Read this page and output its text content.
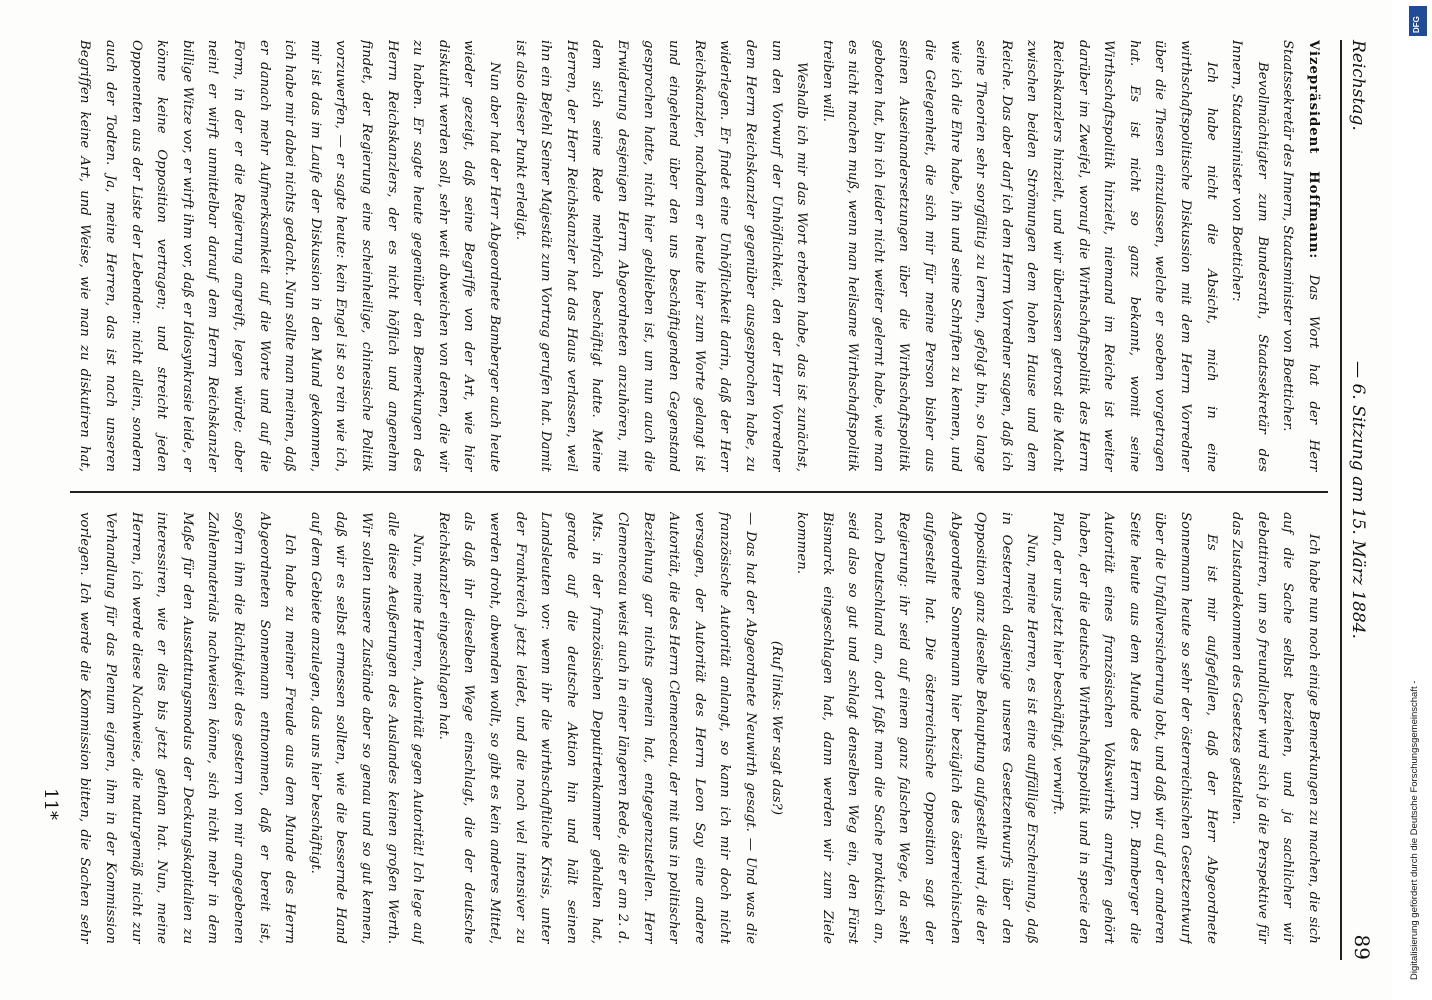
Reichstag.
— 6. Sitzung am 15. März 1884.
89

Vizepräsident Hoffmann: Das Wort hat der Herr Staatssekretär des Innern, Staatsminister von Boetticher.

Bevollmächtigter zum Bundesrath, Staatssekretär des Innern, Staatsminister von Boetticher:

Ich habe nicht die Absicht, mich in eine wirthschaftspolitische Diskussion mit dem Herrn Vorredner über die Thesen einzulassen, welche er soeben vorgetragen hat. Es ist nicht so ganz bekannt, womit seine Wirthschaftspolitik hinzielt, niemand im Reiche ist weiter darüber im Zweifel, worauf die Wirthschaftspolitik des Herrn Reichskanzlers hinzielt, und wir überlassen getrost die Macht zwischen beiden Strömungen dem hohen Hause und dem Reiche. Das aber darf ich dem Herrn Vorredner sagen, daß ich seine Theorien sehr sorgfältig zu lernen, gefolgt bin, so lange wie ich die Ehre habe, ihn und seine Schriften zu kennen, und die Gelegenheit, die sich mir für meine Person bisher aus seinen Auseinandersetzungen über die Wirthschaftspolitik geboten hat, bin ich leider nicht weiter gelernt habe, wie man es nicht machen muß, wenn man heilsame Wirthschaftspolitik treiben will.

Weshalb ich mir das Wort erbeten habe, das ist zunächst, um den Vorwurf der Unhöflichkeit, den der Herr Vorredner dem Herrn Reichskanzler gegenüber ausgesprochen habe, zu widerlegen. Er findet eine Unhöflichkeit darin, daß der Herr Reichskanzler, nachdem er heute hier zum Worte gelangt ist und eingehend über den uns beschäftigenden Gegenstand gesprochen hatte, nicht hier geblieben ist, um nun auch die Erwiderung desjenigen Herrn Abgeordneten anzuhören, mit dem sich seine Rede mehrfach beschäftigt hatte. Meine Herren, der Herr Reichskanzler hat das Haus verlassen, weil ihn ein Befehl Seiner Majestät zum Vortrag gerufen hat. Damit ist also dieser Punkt erledigt.

Nun aber hat der Herr Abgeordnete Bamberger auch heute wieder gezeigt, daß seine Begriffe von der Art, wie hier diskutirt werden soll, sehr weit abweichen von denen, die wir zu haben. Er sagte heute gegenüber den Bemerkungen des Herrn Reichskanzlers, der es nicht höflich und angenehm findet, der Regierung eine scheinheilige, chinesische Politik vorzuwerfen, — er sagte heute: kein Engel ist so rein wie ich, mir ist das im Laufe der Diskussion in den Mund gekommen, ich habe mir dabei nichts gedacht. Nun sollte man meinen, daß er danach mehr Aufmerksamkeit auf die Worte und auf die Form, in der er die Regierung angreift, legen würde; aber nein! er wirft unmittelbar darauf dem Herrn Reichskanzler billige Witze vor, er wirft ihm vor, daß er Idiosynkrasie leide, er könne keine Opposition vertragen; und streicht jeden Opponenten aus der Liste der Lebenden: nicht allein, sondern auch der Todten. Ja, meine Herren, das ist nach unseren Begriffen keine Art, und Weise, wie man zu diskutiren hat,

Ich habe nun noch einige Bemerkungen zu machen, die sich auf die Sache selbst beziehen, und ja sachlicher wir debattiren, um so freundlicher wird sich ja die Perspektive für das Zustandekommen des Gesetzes gestalten.

Es ist mir aufgefallen, daß der Herr Abgeordnete Sonnemann heute so sehr der österreichischen Gesetzentwurf über die Unfallversicherung lobt, und daß wir auf der anderen Seite heute aus dem Munde des Herrn Dr. Bamberger die Autorität eines französischen Volkswirths anrufen gehört haben, der die deutsche Wirthschaftspolitik und in specie den Plan, der uns jetzt hier beschäftigt, verwirft.

Nun, meine Herren, es ist eine auffällige Erscheinung, daß in Oesterreich dasjenige unseres Gesetzentwurfs über den Opposition ganz dieselbe Behauptung aufgestellt wird, die der Abgeordnete Sonnemann hier bezüglich des österreichischen aufgestellt hat. Die österreichische Opposition sagt der Regierung: ihr seid auf einem ganz falschen Wege, da seht nach Deutschland an, dort faßt man die Sache praktisch an, seid also so gut und schlagt denselben Weg ein, den Fürst Bismarck eingeschlagen hat, dann werden wir zum Ziele kommen.

(Ruf links: Wer sagt das?)

— Das hat der Abgeordnete Neuwirth gesagt. — Und was die französische Autorität anlangt, so kann ich mir doch nicht versagen, der Autorität des Herrn Leon Say eine andere Autorität, die des Herrn Clemenceau, der mit uns in politischer Beziehung gar nichts gemein hat, entgegenzustellen. Herr Clemenceau weist auch in einer längeren Rede, die er am 2. d. Mts. in der französischen Deputirtenkammer gehalten hat, gerade auf die deutsche Aktion hin und hält seinen Landsleuten vor: wenn ihr die wirthschaftliche Krisis, unter der Frankreich jetzt leidet, und die noch viel intensiver zu werden droht, abwenden wollt, so gibt es kein anderes Mittel, als daß ihr dieselben Wege einschlagt, die der deutsche Reichskanzler eingeschlagen hat.

Nun, meine Herren, Autorität gegen Autorität! Ich lege auf alle diese Aeußerungen des Auslandes keinen großen Werth. Wir sollen unsere Zustände aber so genau und so gut kennen, daß wir es selbst ermessen sollten, wie die bessernde Hand auf dem Gebiete anzulegen, das uns hier beschäftigt.

Ich habe zu meiner Freude aus dem Munde des Herrn Abgeordneten Sonnemann entnommen, daß er bereit ist, sofern ihm die Richtigkeit des gestern von mir angegebenen Zahlenmaterials nachweisen könne, sich nicht mehr in dem Maße für den Ausstattungsmodus der Deckungskapitalien zu interessiren, wie er dies bis jetzt gethan hat. Nun, meine Herren, ich werde diese Nachweise, die naturgemäß nicht zur Verhandlung für das Plenum eignen, ihm in der Kommission vorlegen. Ich werde die Kommission bitten, die Sachen sehr

11*	Digitalisierung gefördert durch die Deutsche Forschungsgemeinschaft -
DFG
